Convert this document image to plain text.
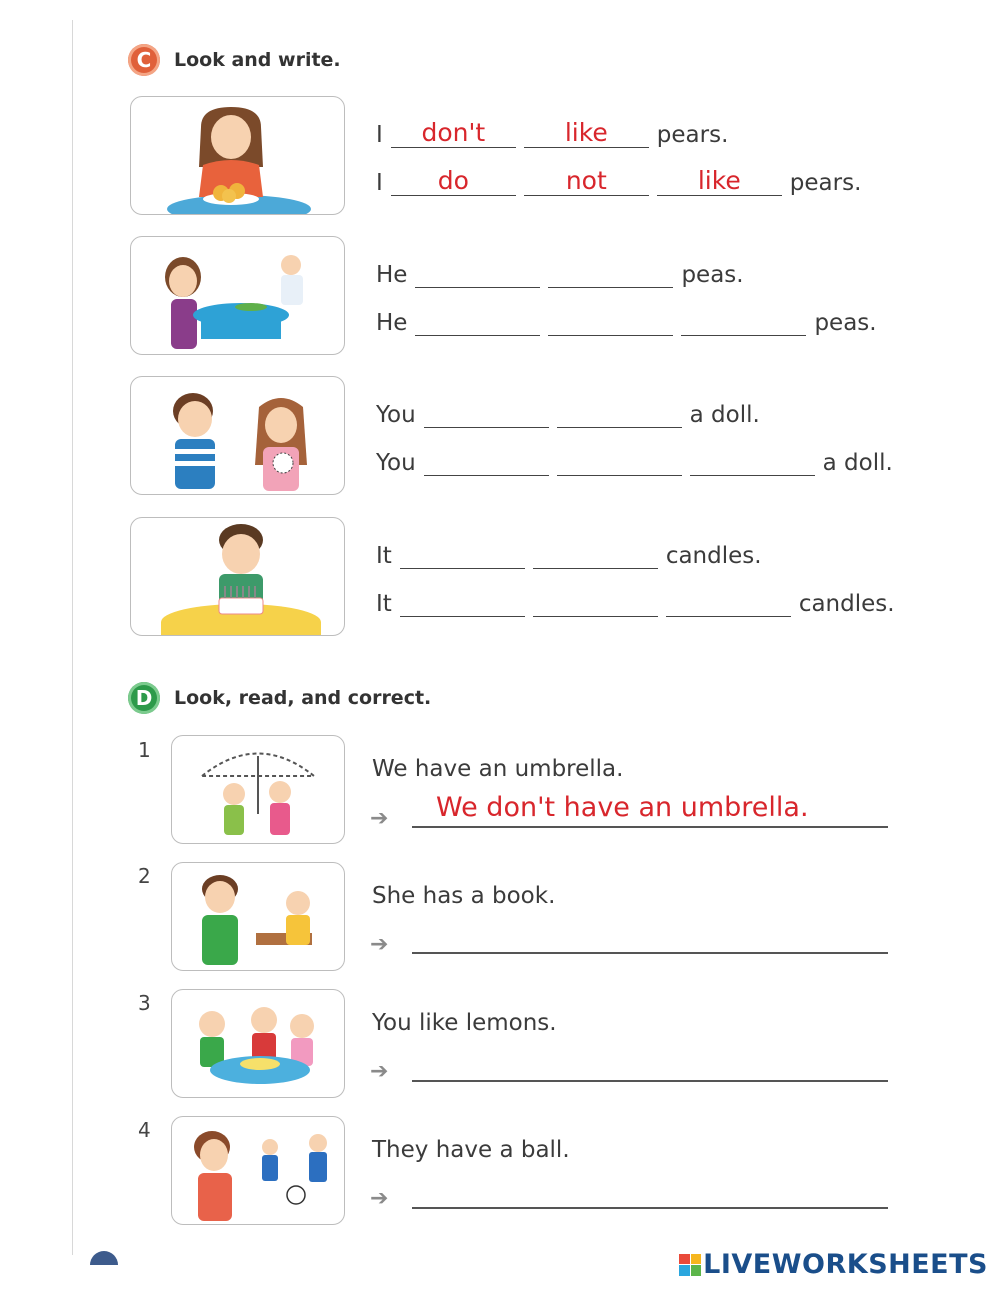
C	Look and write.
I	don't	like	pears.
I	do	not	like	pears.
He	peas.
He	peas.
You	a doll.
You	a doll.
It	candles.
It	candles.
D	Look, read, and correct.
1
We have an umbrella.
➔ We don't have an umbrella.
2
She has a book.
➔
3
You like lemons.
➔
4
They have a ball.
➔
LIVEWORKSHEETS
